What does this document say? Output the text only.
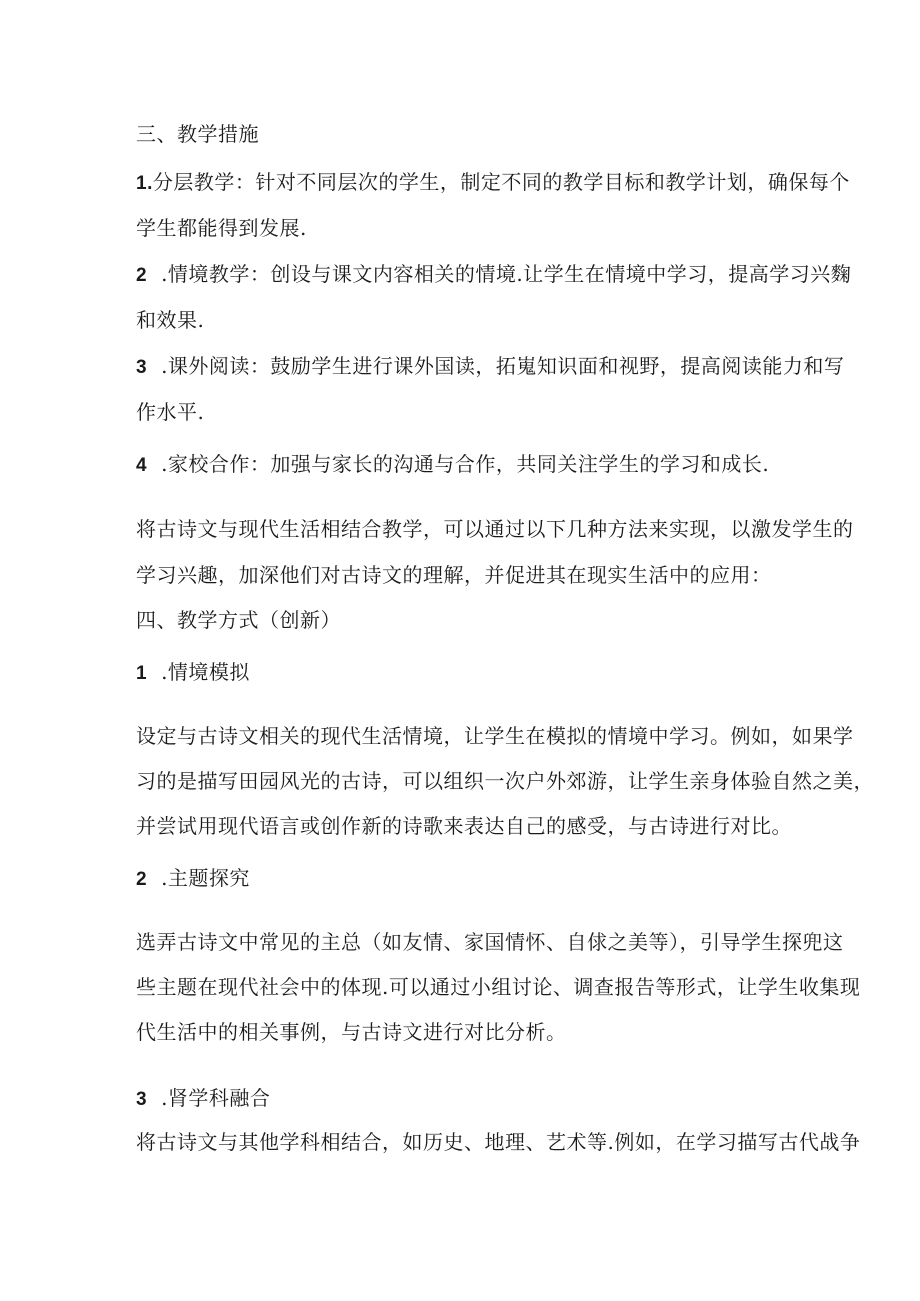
三、教学措施
1.分层教学：针对不同层次的学生，制定不同的教学目标和教学计划，确保每个
学生都能得到发展.
2 .情境教学：创设与课文内容相关的情境.让学生在情境中学习，提高学习兴麴
和效果.
3 .课外阅读：鼓励学生进行课外国读，拓嵬知识面和视野，提高阅读能力和写
作水平.
4 .家校合作：加强与家长的沟通与合作，共同关注学生的学习和成长.
将古诗文与现代生活相结合教学，可以通过以下几种方法来实现，以激发学生的
学习兴趣，加深他们对古诗文的理解，并促进其在现实生活中的应用：
四、教学方式（创新）
1 .情境模拟
设定与古诗文相关的现代生活情境，让学生在模拟的情境中学习。例如，如果学
习的是描写田园风光的古诗，可以组织一次户外郊游，让学生亲身体验自然之美，
并尝试用现代语言或创作新的诗歌来表达自己的感受，与古诗进行对比。
2 .主题探究
选弄古诗文中常见的主总（如友情、家国情怀、自俅之美等），引导学生探兜这
些主题在现代社会中的体现.可以通过小组讨论、调查报告等形式，让学生收集现
代生活中的相关事例，与古诗文进行对比分析。
3 .肾学科融合
将古诗文与其他学科相结合，如历史、地理、艺术等.例如，在学习描写古代战争
